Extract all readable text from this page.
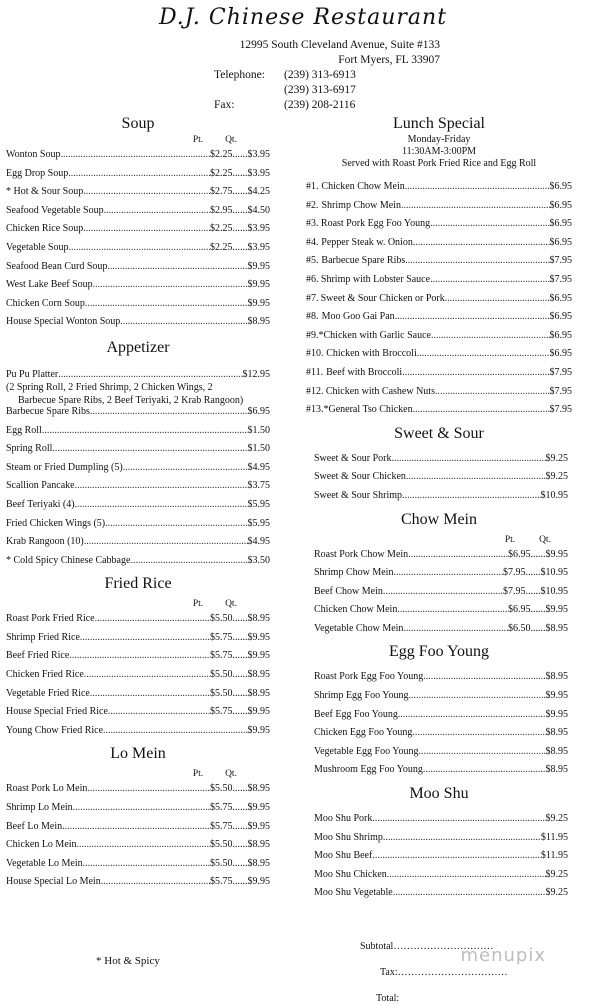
D.J. Chinese Restaurant
12995 South Cleveland Avenue, Suite #133
Fort Myers, FL 33907
Telephone:	(239) 313-6913
(239) 313-6917
Fax:	(239) 208-2116
Soup
Pt.	Qt.
Wonton Soup .....	$2.25......$3.95
Egg Drop Soup .....	$2.25......$3.95
* Hot & Sour Soup .....	$2.75......$4.25
Seafood Vegetable Soup .....	$2.95......$4.50
Chicken Rice Soup .....	$2.25......$3.95
Vegetable Soup .....	$2.25......$3.95
Seafood Bean Curd Soup .....	$9.95
West Lake Beef Soup .....	$9.95
Chicken Corn Soup .....	$9.95
House Special Wonton Soup .....	$8.95
Appetizer
Pu Pu Platter .....	$12.95
(2 Spring Roll, 2 Fried Shrimp, 2 Chicken Wings, 2
Barbecue Spare Ribs, 2 Beef Teriyaki, 2 Krab Rangoon)
Barbecue Spare Ribs .....	$6.95
Egg Roll .....	$1.50
Spring Roll .....	$1.50
Steam or Fried Dumpling (5) .....	$4.95
Scallion Pancake .....	$3.75
Beef Teriyaki (4) .....	$5.95
Fried Chicken Wings (5) .....	$5.95
Krab Rangoon (10) .....	$4.95
* Cold Spicy Chinese Cabbage .....	$3.50
Fried Rice
Pt.	Qt.
Roast Pork Fried Rice .....	$5.50......$8.95
Shrimp Fried Rice .....	$5.75......$9.95
Beef Fried Rice .....	$5.75......$9.95
Chicken Fried Rice .....	$5.50......$8.95
Vegetable Fried Rice .....	$5.50......$8.95
House Special Fried Rice .....	$5.75......$9.95
Young Chow Fried Rice .....	$9.95
Lo Mein
Pt.	Qt.
Roast Pork Lo Mein .....	$5.50......$8.95
Shrimp Lo Mein .....	$5.75......$9.95
Beef Lo Mein .....	$5.75......$9.95
Chicken Lo Mein .....	$5.50......$8.95
Vegetable Lo Mein .....	$5.50......$8.95
House Special Lo Mein .....	$5.75......$9.95
* Hot & Spicy
Lunch Special
Monday-Friday
11:30AM-3:00PM
Served with Roast Pork Fried Rice and Egg Roll
#1. Chicken Chow Mein .....	$6.95
#2. Shrimp Chow Mein .....	$6.95
#3. Roast Pork Egg Foo Young .....	$6.95
#4. Pepper Steak w. Onion .....	$6.95
#5. Barbecue Spare Ribs .....	$7.95
#6. Shrimp with Lobster Sauce .....	$7.95
#7. Sweet & Sour Chicken or Pork .....	$6.95
#8. Moo Goo Gai Pan .....	$6.95
#9. * Chicken with Garlic Sauce .....	$6.95
#10. Chicken with Broccoli .....	$6.95
#11. Beef with Broccoli .....	$7.95
#12. Chicken with Cashew Nuts .....	$7.95
#13. * General Tso Chicken .....	$7.95
Sweet & Sour
Sweet & Sour Pork .....	$9.25
Sweet & Sour Chicken .....	$9.25
Sweet & Sour Shrimp .....	$10.95
Chow Mein
Pt.	Qt.
Roast Pork Chow Mein .....	$6.95......$9.95
Shrimp Chow Mein .....	$7.95......$10.95
Beef Chow Mein .....	$7.95......$10.95
Chicken Chow Mein .....	$6.95......$9.95
Vegetable Chow Mein .....	$6.50......$8.95
Egg Foo Young
Roast Pork Egg Foo Young .....	$8.95
Shrimp Egg Foo Young .....	$9.95
Beef Egg Foo Young .....	$9.95
Chicken Egg Foo Young .....	$8.95
Vegetable Egg Foo Young .....	$8.95
Mushroom Egg Foo Young .....	$8.95
Moo Shu
Moo Shu Pork .....	$9.25
Moo Shu Shrimp .....	$11.95
Moo Shu Beef .....	$11.95
Moo Shu Chicken .....	$9.25
Moo Shu Vegetable .....	$9.25
Subtotal …………………………
Tax: ……………………………
Total:
menupix
